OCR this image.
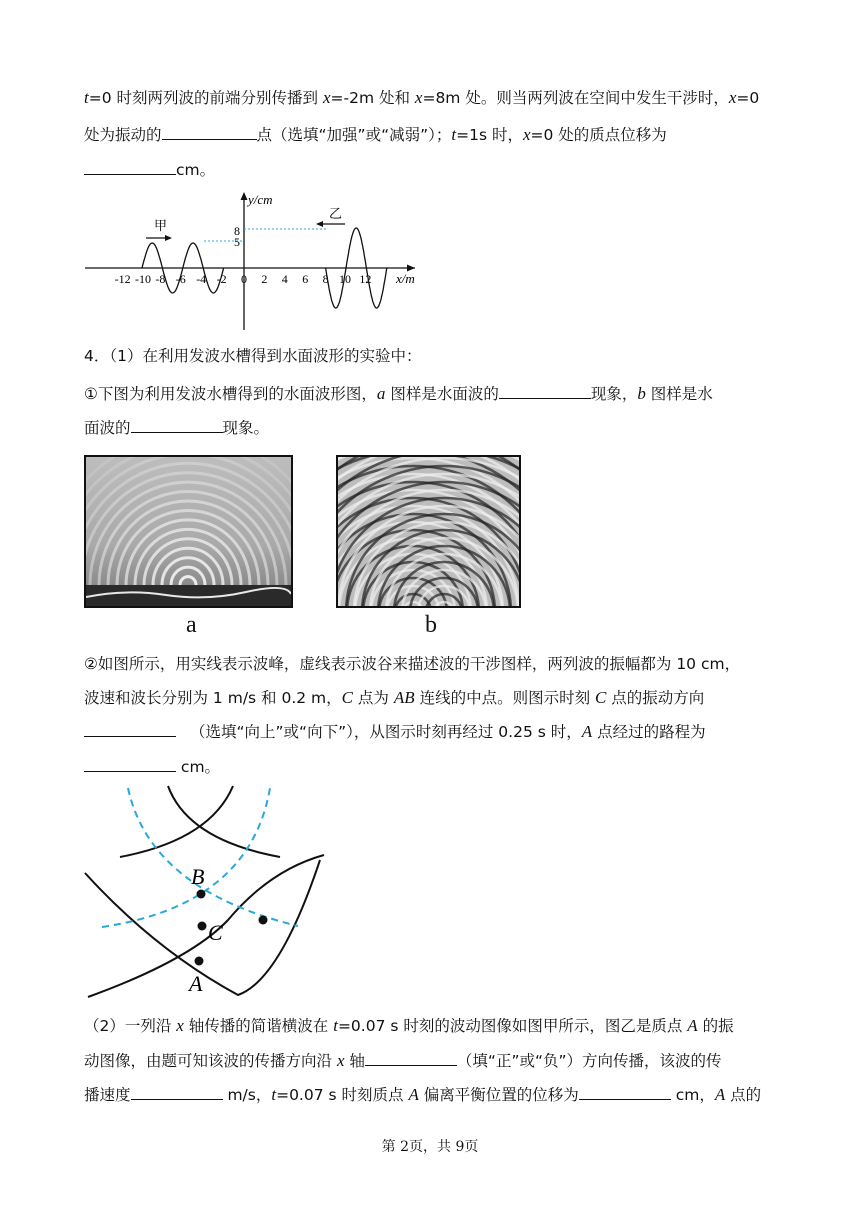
t=0 时刻两列波的前端分别传播到 x=-2m 处和 x=8m 处。则当两列波在空间中发生干涉时，x=0
处为振动的	点（选填“加强”或“减弱”）；t=1s 时，x=0 处的质点位移为
cm。
y/cm
x/m
8
5
-12 -10 -8 -6 -4 -2 0 2 4 6 8 10 12
甲
乙
4．（1）在利用发波水槽得到水面波形的实验中：
①下图为利用发波水槽得到的水面波形图，a 图样是水面波的	现象，b 图样是水
面波的	现象。
a	b
②如图所示，用实线表示波峰，虚线表示波谷来描述波的干涉图样，两列波的振幅都为 10 cm，
波速和波长分别为 1 m/s 和 0.2 m，C 点为 AB 连线的中点。则图示时刻 C 点的振动方向
（选填“向上”或“向下”），从图示时刻再经过 0.25 s 时，A 点经过的路程为
cm。
B
C
A
（2）一列沿 x 轴传播的简谐横波在 t=0.07 s 时刻的波动图像如图甲所示，图乙是质点 A 的振
动图像，由题可知该波的传播方向沿 x 轴	（填“正”或“负”）方向传播，该波的传
播速度	m/s，t=0.07 s 时刻质点 A 偏离平衡位置的位移为	cm，A 点的
第 2页，共 9页
